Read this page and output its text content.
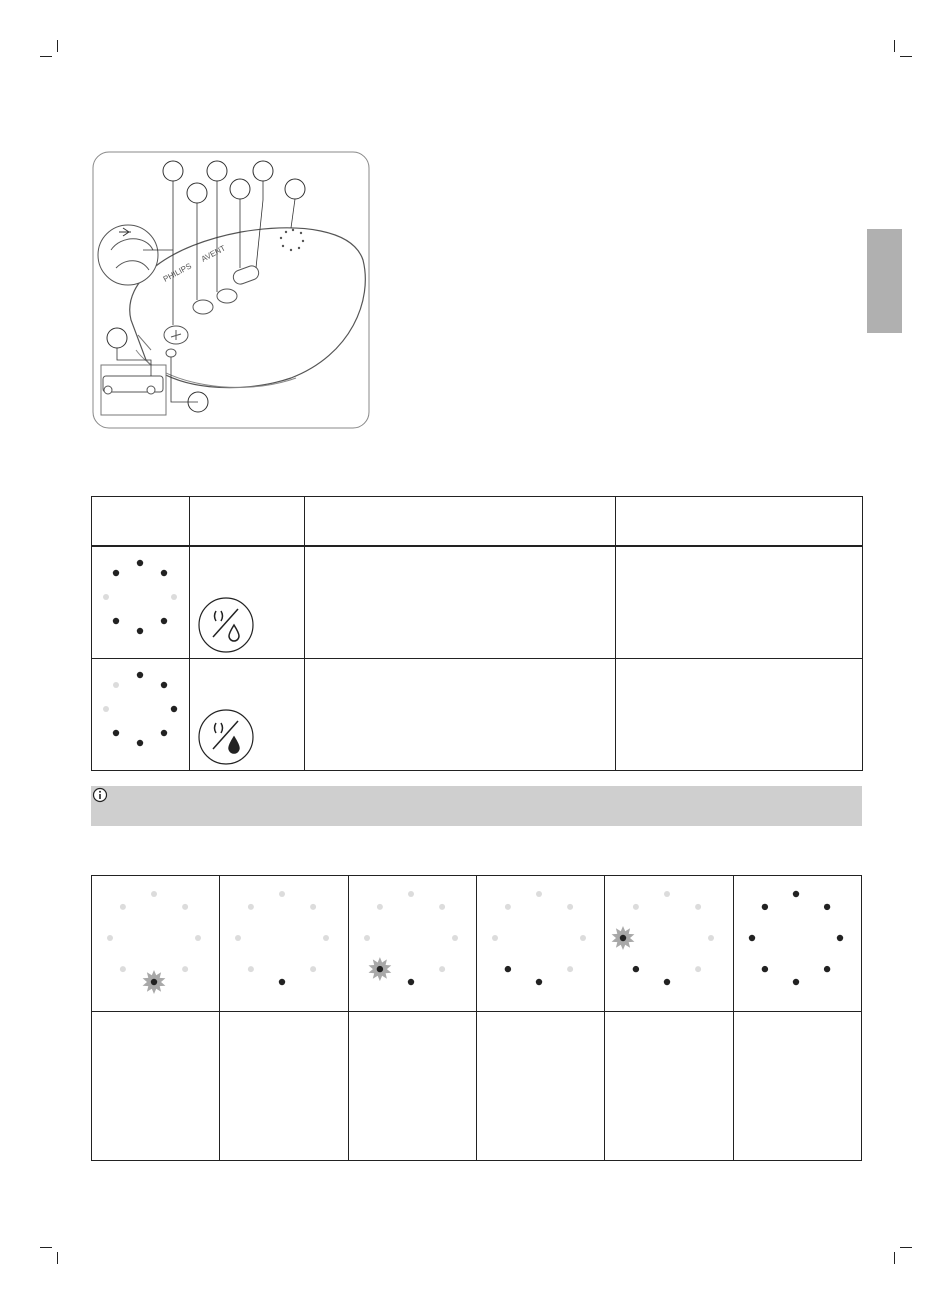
PHILIPS
AVENT
